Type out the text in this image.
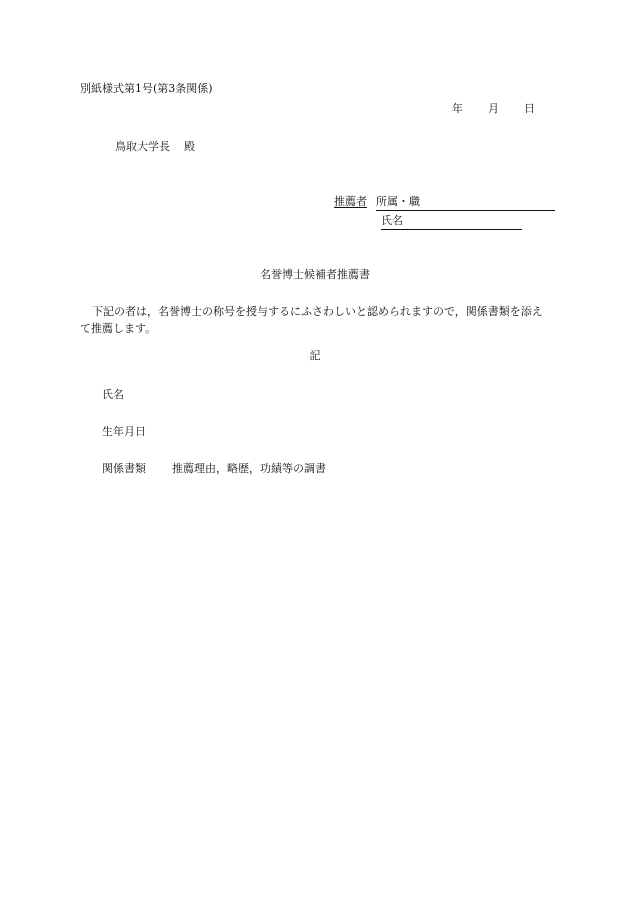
別紙様式第1号(第3条関係)
年 月 日
鳥取大学長 殿
推薦者 所属・職
氏名
名誉博士候補者推薦書
下記の者は，名誉博士の称号を授与するにふさわしいと認められますので，関係書類を添えて推薦します。
記
氏名
生年月日
関係書類 推薦理由，略歴，功績等の調書
